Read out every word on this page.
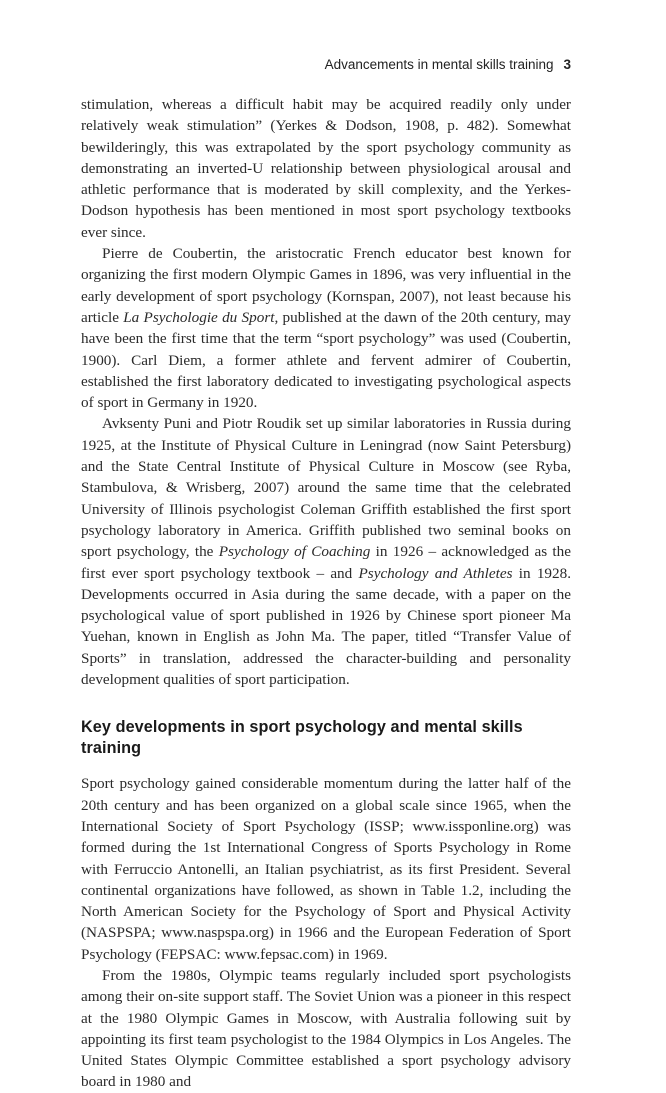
Advancements in mental skills training 3

stimulation, whereas a difficult habit may be acquired readily only under relatively weak stimulation” (Yerkes & Dodson, 1908, p. 482). Somewhat bewilderingly, this was extrapolated by the sport psychology community as demonstrating an inverted-U relationship between physiological arousal and athletic performance that is moderated by skill complexity, and the Yerkes-Dodson hypothesis has been mentioned in most sport psychology textbooks ever since.

Pierre de Coubertin, the aristocratic French educator best known for organizing the first modern Olympic Games in 1896, was very influential in the early development of sport psychology (Kornspan, 2007), not least because his article La Psychologie du Sport, published at the dawn of the 20th century, may have been the first time that the term “sport psychology” was used (Coubertin, 1900). Carl Diem, a former athlete and fervent admirer of Coubertin, established the first laboratory dedicated to investigating psychological aspects of sport in Germany in 1920.

Avksenty Puni and Piotr Roudik set up similar laboratories in Russia during 1925, at the Institute of Physical Culture in Leningrad (now Saint Petersburg) and the State Central Institute of Physical Culture in Moscow (see Ryba, Stambulova, & Wrisberg, 2007) around the same time that the celebrated University of Illinois psychologist Coleman Griffith established the first sport psychology laboratory in America. Griffith published two seminal books on sport psychology, the Psychology of Coaching in 1926 – acknowledged as the first ever sport psychology textbook – and Psychology and Athletes in 1928. Developments occurred in Asia during the same decade, with a paper on the psychological value of sport published in 1926 by Chinese sport pioneer Ma Yuehan, known in English as John Ma. The paper, titled “Transfer Value of Sports” in translation, addressed the character-building and personality development qualities of sport participation.

Key developments in sport psychology and mental skills training

Sport psychology gained considerable momentum during the latter half of the 20th century and has been organized on a global scale since 1965, when the International Society of Sport Psychology (ISSP; www.issponline.org) was formed during the 1st International Congress of Sports Psychology in Rome with Ferruccio Antonelli, an Italian psychiatrist, as its first President. Several continental organizations have followed, as shown in Table 1.2, including the North American Society for the Psychology of Sport and Physical Activity (NASPSPA; www.naspspa.org) in 1966 and the European Federation of Sport Psychology (FEPSAC: www.fepsac.com) in 1969.

From the 1980s, Olympic teams regularly included sport psychologists among their on-site support staff. The Soviet Union was a pioneer in this respect at the 1980 Olympic Games in Moscow, with Australia following suit by appointing its first team psychologist to the 1984 Olympics in Los Angeles. The United States Olympic Committee established a sport psychology advisory board in 1980 and
